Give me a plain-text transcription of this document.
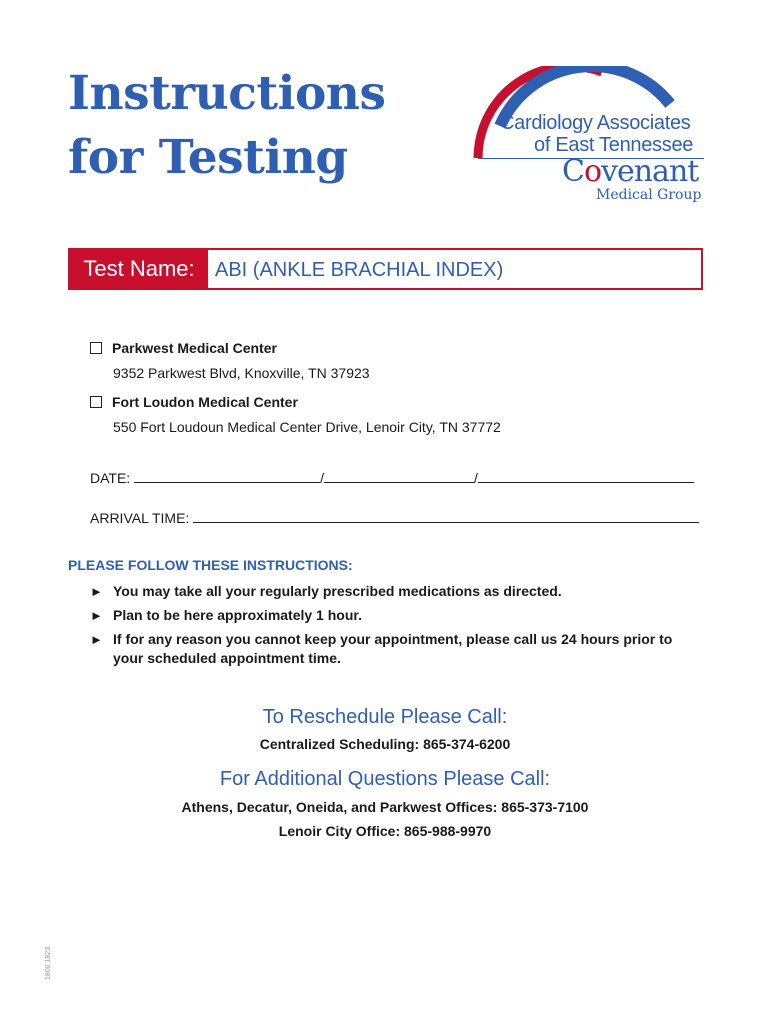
Instructions
for Testing
Cardiology Associates
of East Tennessee
Covenant
Medical Group
Test Name:	ABI (ANKLE BRACHIAL INDEX)
Parkwest Medical Center
9352 Parkwest Blvd, Knoxville, TN 37923
Fort Loudon Medical Center
550 Fort Loudoun Medical Center Drive, Lenoir City, TN 37772
DATE:	/	/
ARRIVAL TIME:
PLEASE FOLLOW THESE INSTRUCTIONS:
► You may take all your regularly prescribed medications as directed.
► Plan to be here approximately 1 hour.
► If for any reason you cannot keep your appointment, please call us 24 hours prior to your scheduled appointment time.
To Reschedule Please Call:
Centralized Scheduling: 865-374-6200
For Additional Questions Please Call:
Athens, Decatur, Oneida, and Parkwest Offices: 865-373-7100
Lenoir City Office: 865-988-9970
1800 1823
